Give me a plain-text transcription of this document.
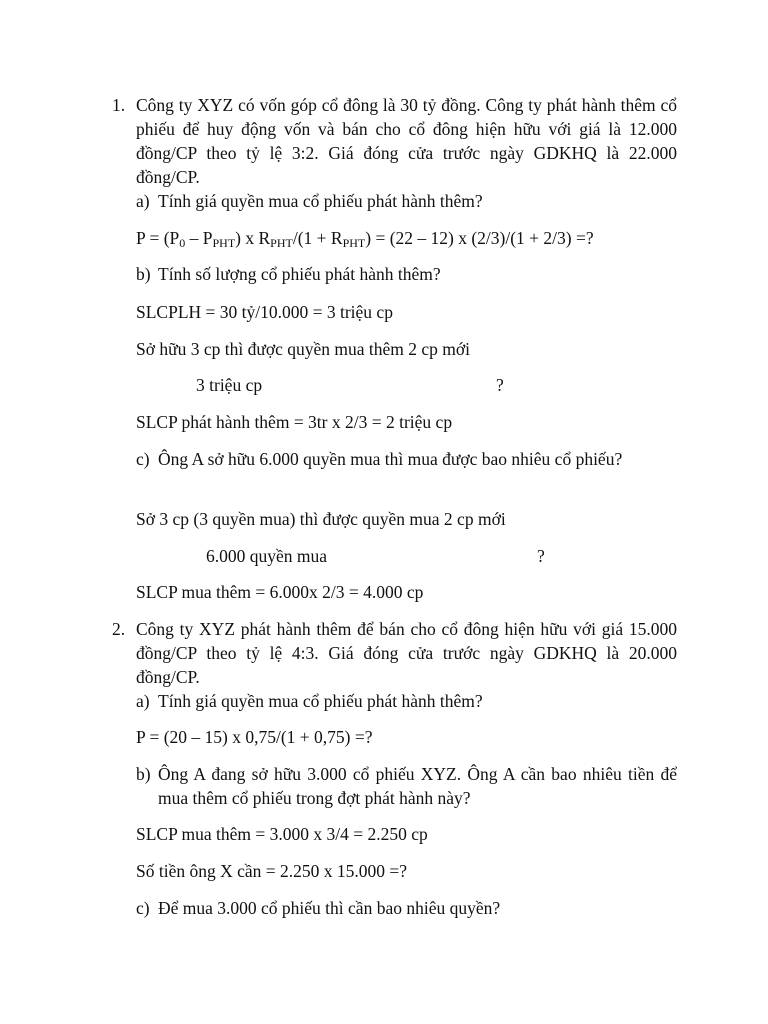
1. Công ty XYZ có vốn góp cổ đông là 30 tỷ đồng. Công ty phát hành thêm cổ phiếu để huy động vốn và bán cho cổ đông hiện hữu với giá là 12.000 đồng/CP theo tỷ lệ 3:2. Giá đóng cửa trước ngày GDKHQ là 22.000 đồng/CP.
a) Tính giá quyền mua cổ phiếu phát hành thêm?
$P = (P_0 - P_{PHT})$ x $R_{PHT}/(1 + R_{PHT}) = (22 - 12)$ x (2/3)/(1 + 2/3) =?
b) Tính số lượng cổ phiếu phát hành thêm?
SLCPLH = 30 tỷ/10.000 = 3 triệu cp
Sở hữu 3 cp thì được quyền mua thêm 2 cp mới
3 triệu cp	?
SLCP phát hành thêm = 3tr x 2/3 = 2 triệu cp
c) Ông A sở hữu 6.000 quyền mua thì mua được bao nhiêu cổ phiếu?
Sở 3 cp (3 quyền mua) thì được quyền mua 2 cp mới
6.000 quyền mua	?
SLCP mua thêm = 6.000x 2/3 = 4.000 cp
2. Công ty XYZ phát hành thêm để bán cho cổ đông hiện hữu với giá 15.000 đồng/CP theo tỷ lệ 4:3. Giá đóng cửa trước ngày GDKHQ là 20.000 đồng/CP.
a) Tính giá quyền mua cổ phiếu phát hành thêm?
P = (20 – 15) x 0,75/(1 + 0,75) =?
b) Ông A đang sở hữu 3.000 cổ phiếu XYZ. Ông A cần bao nhiêu tiền để mua thêm cổ phiếu trong đợt phát hành này?
SLCP mua thêm = 3.000 x 3/4 = 2.250 cp
Số tiền ông X cần = 2.250 x 15.000 =?
c) Để mua 3.000 cổ phiếu thì cần bao nhiêu quyền?
